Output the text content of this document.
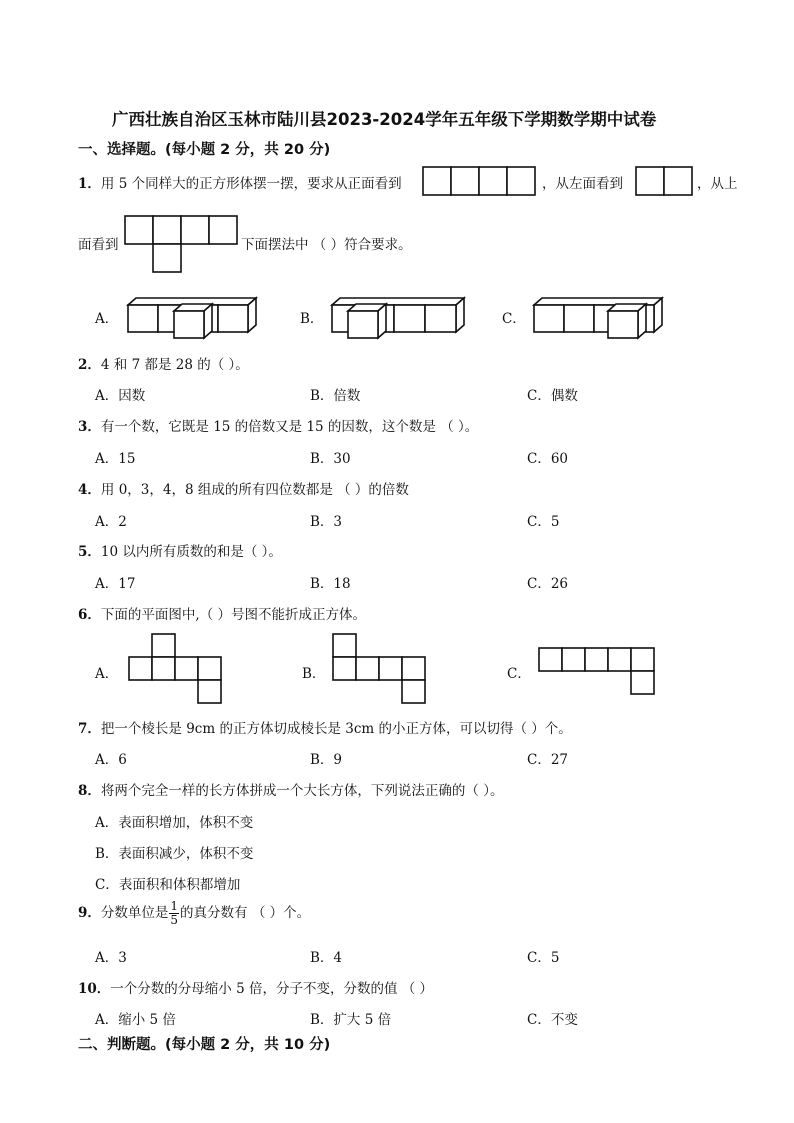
广西壮族自治区玉林市陆川县2023-2024学年五年级下学期数学期中试卷
一、选择题。(每小题 2 分，共 20 分)
1．用 5 个同样大的正方形体摆一摆，要求从正面看到	，从左面看到	，从上
面看到	下面摆法中 （ ）符合要求。
A．	B．	C．
2．4 和 7 都是 28 的（ ）。
A．因数	B．倍数	C．偶数
3．有一个数，它既是 15 的倍数又是 15 的因数，这个数是 （ ）。
A．15	B．30	C．60
4．用 0，3，4，8 组成的所有四位数都是 （ ）的倍数
A．2	B．3	C．5
5．10 以内所有质数的和是（ ）。
A．17	B．18	C．26
6．下面的平面图中,（ ）号图不能折成正方体。
A．	B．	C．
7．把一个棱长是 9cm 的正方体切成棱长是 3cm 的小正方体，可以切得（ ）个。
A．6	B．9	C．27
8．将两个完全一样的长方体拼成一个大长方体，下列说法正确的（ ）。
A．表面积增加，体积不变
B．表面积减少，体积不变
C．表面积和体积都增加
9．分数单位是 $\frac{1}{5}$ 的真分数有 （ ）个。
A．3	B．4	C．5
10．一个分数的分母缩小 5 倍，分子不变，分数的值 （ ）
A．缩小 5 倍	B．扩大 5 倍	C．不变
二、判断题。(每小题 2 分，共 10 分)
